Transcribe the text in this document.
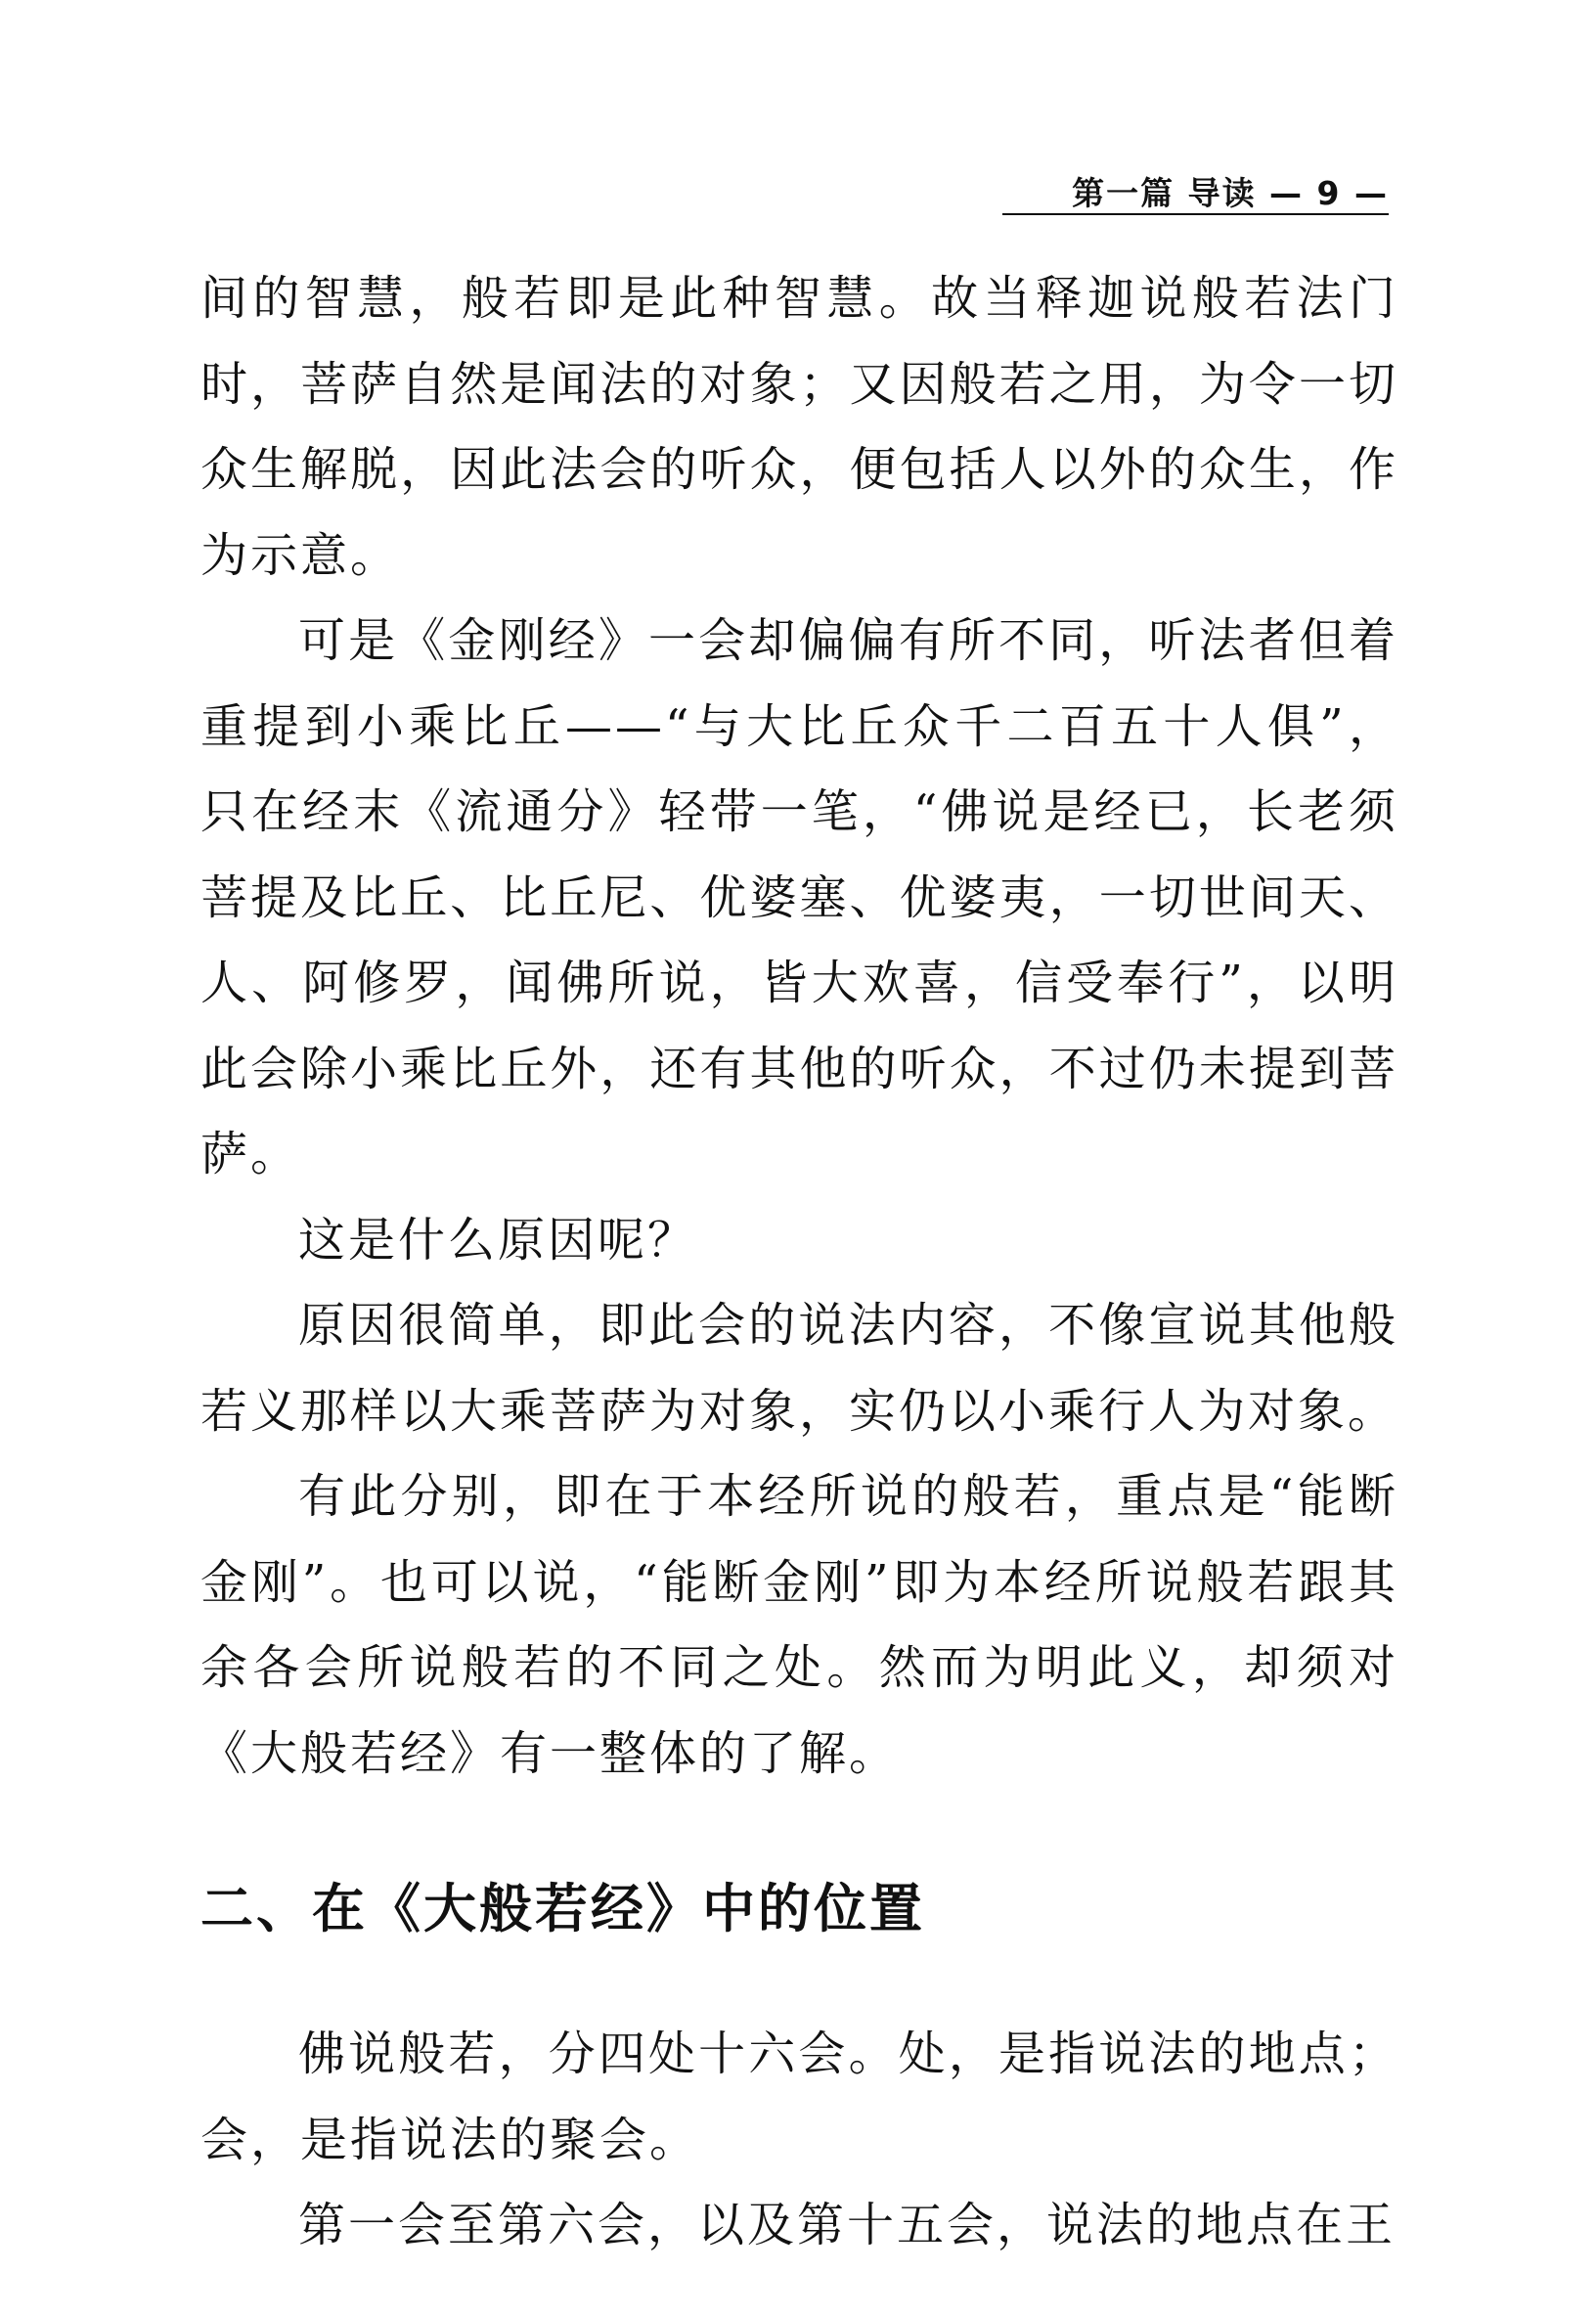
第一篇 导读 — 9 —

间的智慧，般若即是此种智慧。故当释迦说般若法门时，菩萨自然是闻法的对象；又因般若之用，为令一切众生解脱，因此法会的听众，便包括人以外的众生，作为示意。

可是《金刚经》一会却偏偏有所不同，听法者但着重提到小乘比丘——“与大比丘众千二百五十人俱”，只在经末《流通分》轻带一笔，“佛说是经已，长老须菩提及比丘、比丘尼、优婆塞、优婆夷，一切世间天、人、阿修罗，闻佛所说，皆大欢喜，信受奉行”，以明此会除小乘比丘外，还有其他的听众，不过仍未提到菩萨。

这是什么原因呢？

原因很简单，即此会的说法内容，不像宣说其他般若义那样以大乘菩萨为对象，实仍以小乘行人为对象。

有此分别，即在于本经所说的般若，重点是“能断金刚”。也可以说，“能断金刚”即为本经所说般若跟其余各会所说般若的不同之处。然而为明此义，却须对《大般若经》有一整体的了解。

二、在《大般若经》中的位置

佛说般若，分四处十六会。处，是指说法的地点；会，是指说法的聚会。

第一会至第六会，以及第十五会，说法的地点在王
